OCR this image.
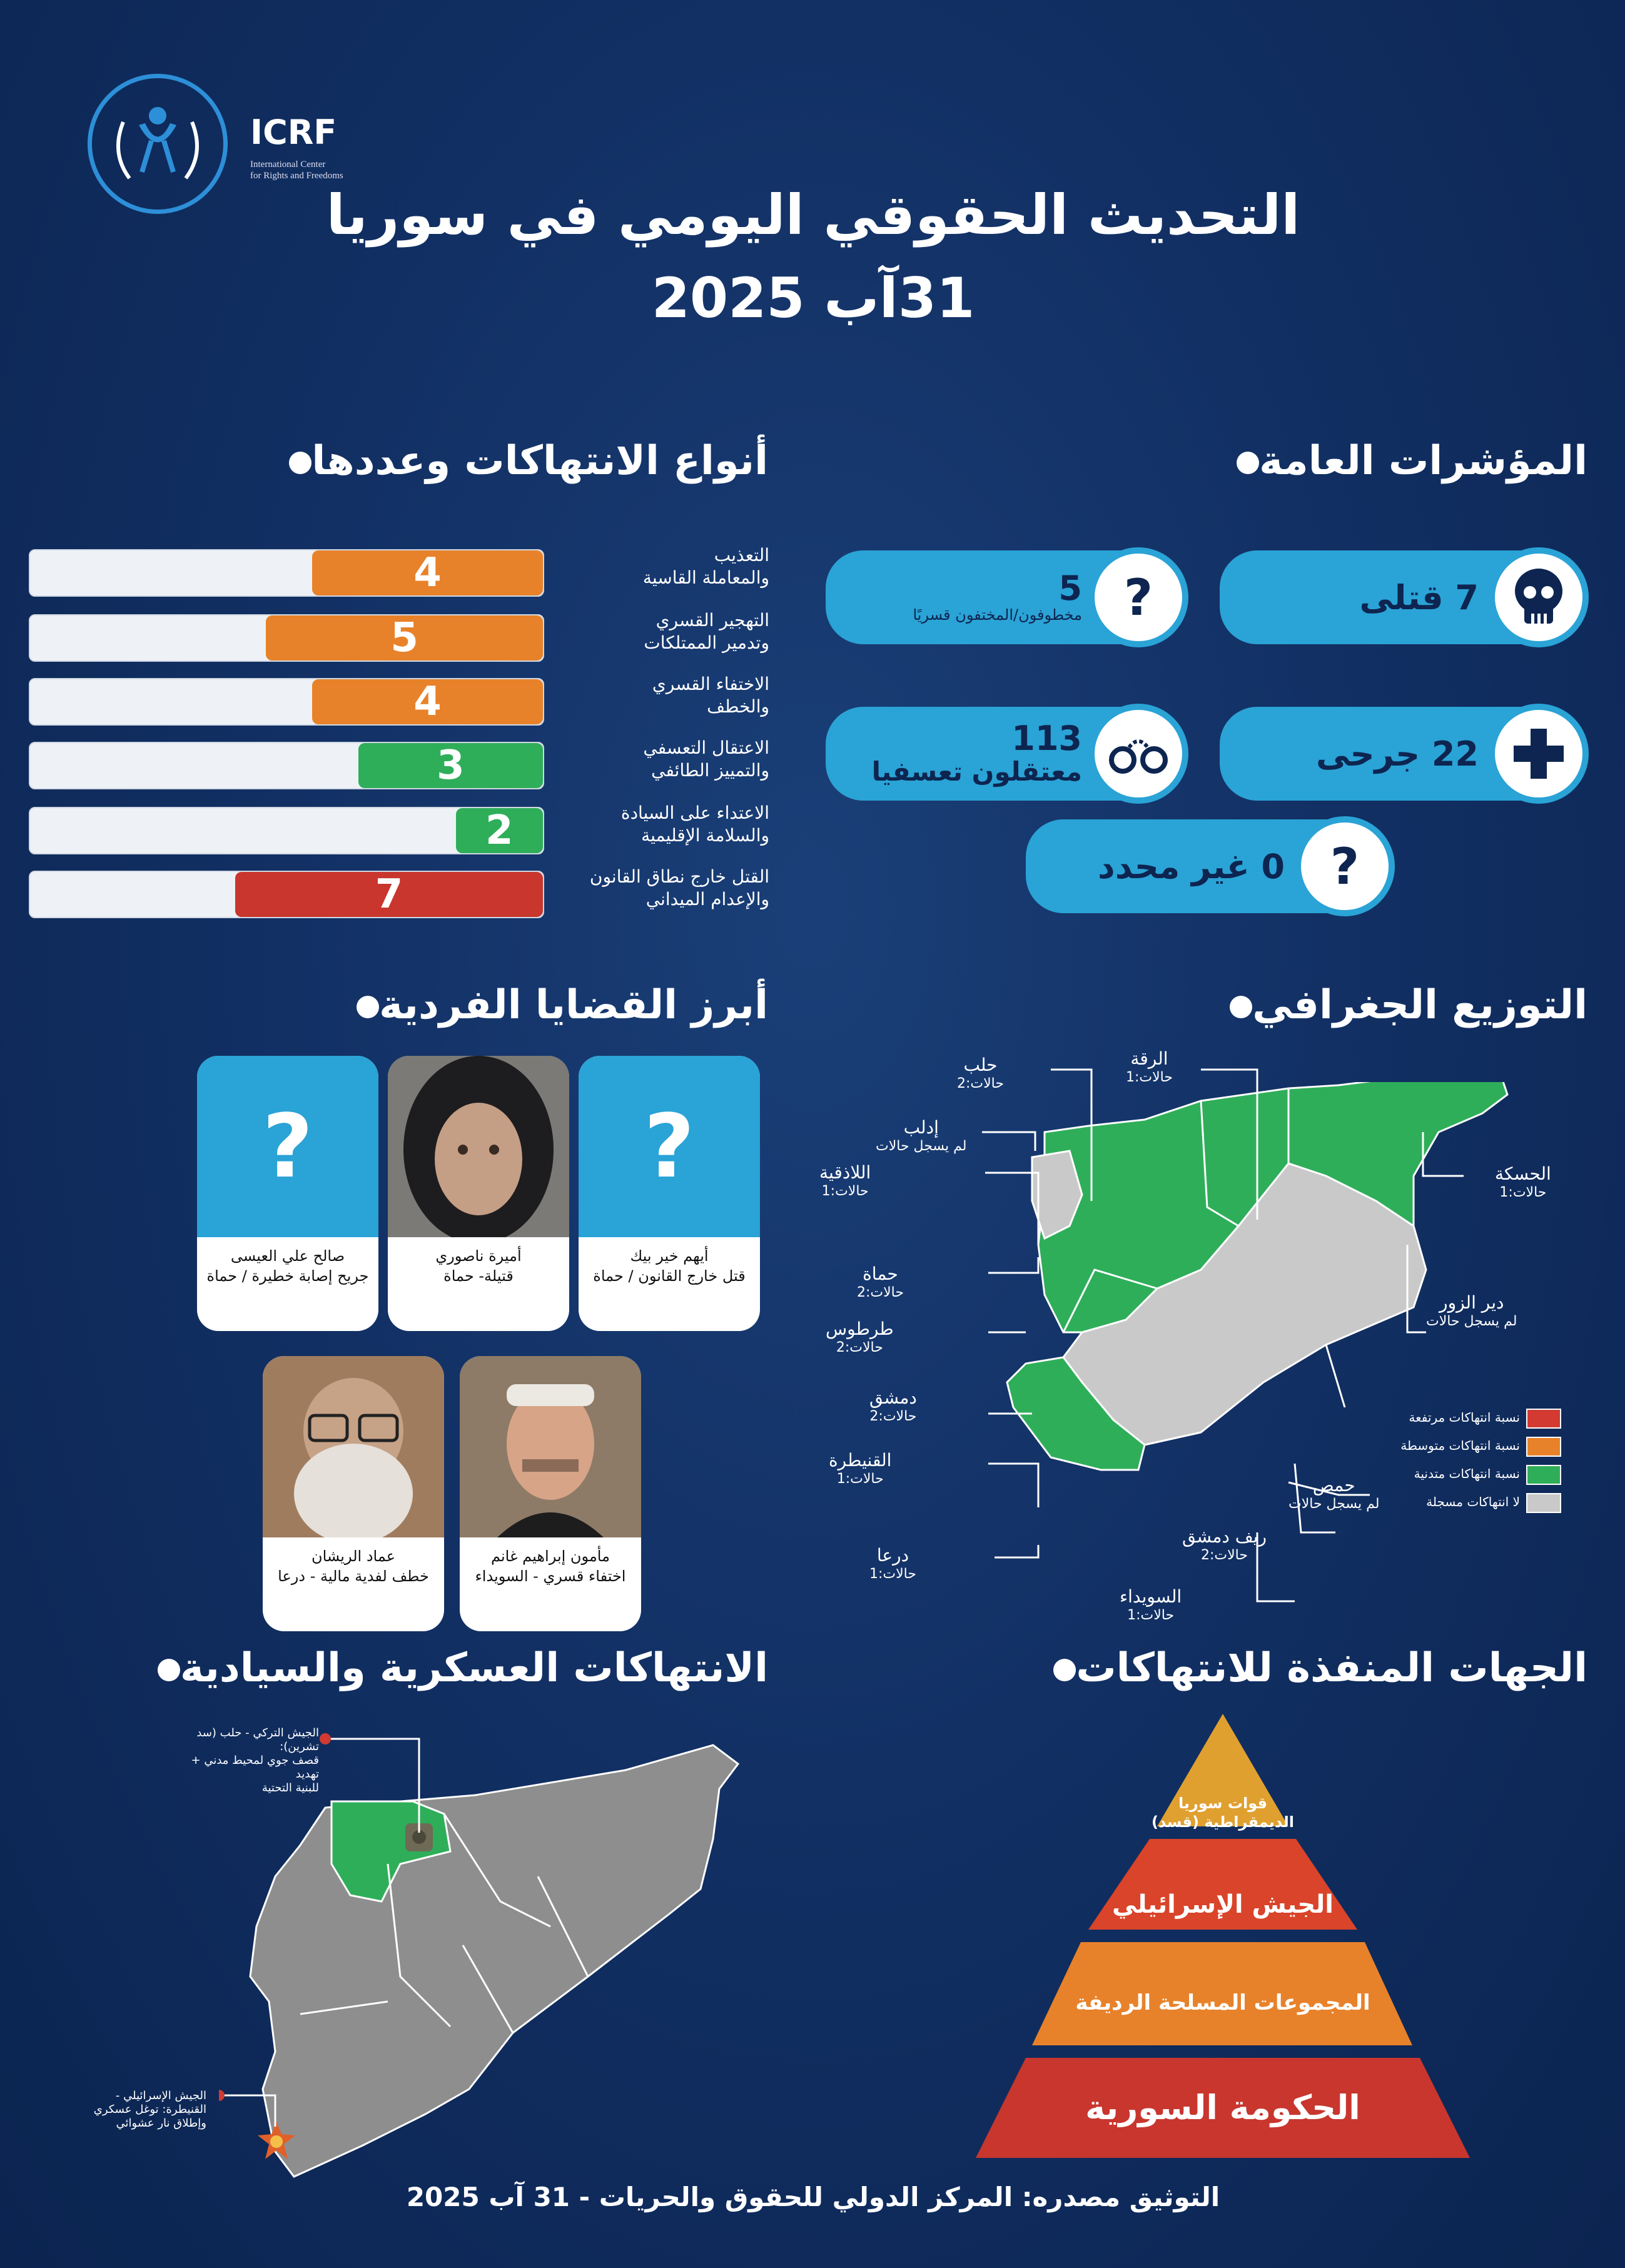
ICRF
International Center
for Rights and Freedoms
التحديث الحقوقي اليومي في سوريا
31آب 2025
أنواع الانتهاكات وعددها	المؤشرات العامة
أبرز القضايا الفردية	التوزيع الجغرافي
الانتهاكات العسكرية والسيادية	الجهات المنفذة للانتهاكات
4	التعذيب
والمعاملة القاسية
5	التهجير القسري
وتدمير الممتلكات
4	الاختفاء القسري
والخطف
3	الاعتقال التعسفي
والتمييز الطائفي
2	الاعتداء على السيادة
والسلامة الإقليمية
7	القتل خارج نطاق القانون
والإعدام الميداني
7 قتلى
5
مخطوفون/المختفون قسريًا ?
22 جرحى
113
معتقلون تعسفيا
0 غير محدد ?
?
أيهم خير بيك
قتل خارج القانون / حماة
أميرة ناصوري
قتيلة- حماة
?
صالح علي العيسى
جريح إصابة خطيرة / حماة
مأمون إبراهيم غانم
اختفاء قسري - السويداء
عماد الريشان
خطف لفدية مالية - درعا
الرقة
حالات:1
حلب
حالات:2
إدلب
لم يسجل حالات
اللاذقية
حالات:1
الحسكة
حالات:1
حماة
حالات:2	دير الزور
لم يسجل حالات
طرطوس
حالات:2
دمشق
حالات:2
القنيطرة
حالات:1	حمص
لم يسجل حالات
ريف دمشق
حالات:2
درعا
حالات:1
السويداء
حالات:1
نسبة انتهاكات مرتفعة
نسبة انتهاكات متوسطة
نسبة انتهاكات متدنية
لا انتهاكات مسجلة
الجيش التركي - حلب (سد تشرين):
قصف جوي لمحيط مدني + تهديد
للبنية التحتية
الجيش الإسرائيلي -
القنيطرة: توغل عسكري
وإطلاق نار عشوائي
قوات سوريا
الديمقراطية (قسد)
الجيش الإسرائيلي
المجموعات المسلحة الرديفة
الحكومة السورية
التوثيق مصدره: المركز الدولي للحقوق والحريات - 31 آب 2025
